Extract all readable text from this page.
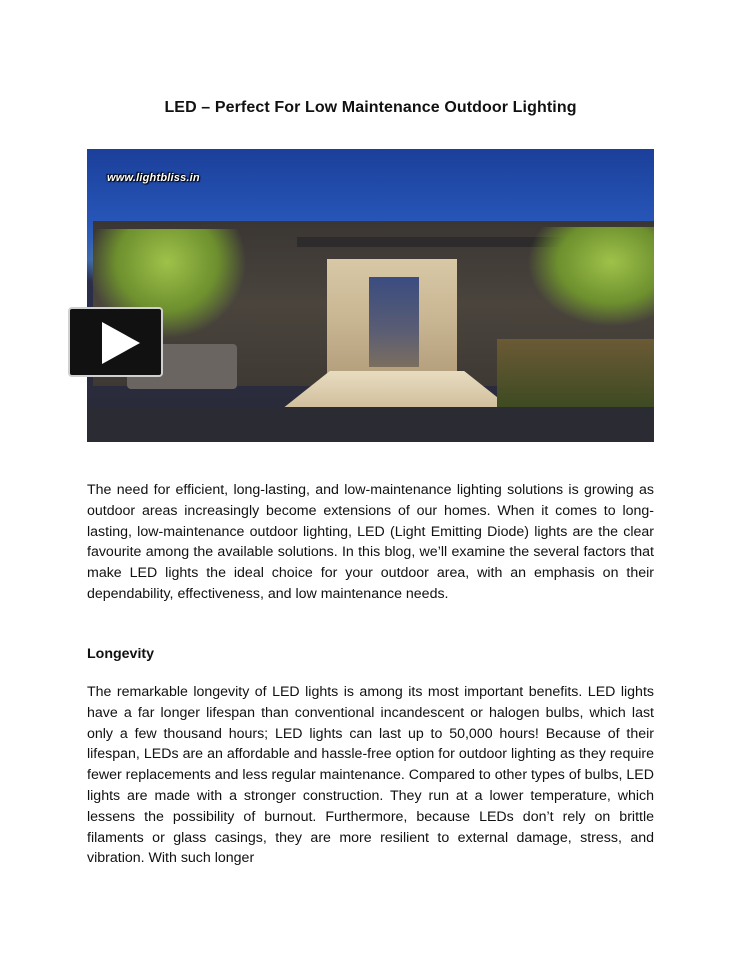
LED – Perfect For Low Maintenance Outdoor Lighting
www.lightbliss.in

The need for efficient, long-lasting, and low-maintenance lighting solutions is growing as outdoor areas increasingly become extensions of our homes. When it comes to long-lasting, low-maintenance outdoor lighting, LED (Light Emitting Diode) lights are the clear favourite among the available solutions. In this blog, we’ll examine the several factors that make LED lights the ideal choice for your outdoor area, with an emphasis on their dependability, effectiveness, and low maintenance needs.

Longevity

The remarkable longevity of LED lights is among its most important benefits. LED lights have a far longer lifespan than conventional incandescent or halogen bulbs, which last only a few thousand hours; LED lights can last up to 50,000 hours! Because of their lifespan, LEDs are an affordable and hassle-free option for outdoor lighting as they require fewer replacements and less regular maintenance. Compared to other types of bulbs, LED lights are made with a stronger construction. They run at a lower temperature, which lessens the possibility of burnout. Furthermore, because LEDs don’t rely on brittle filaments or glass casings, they are more resilient to external damage, stress, and vibration. With such longer
